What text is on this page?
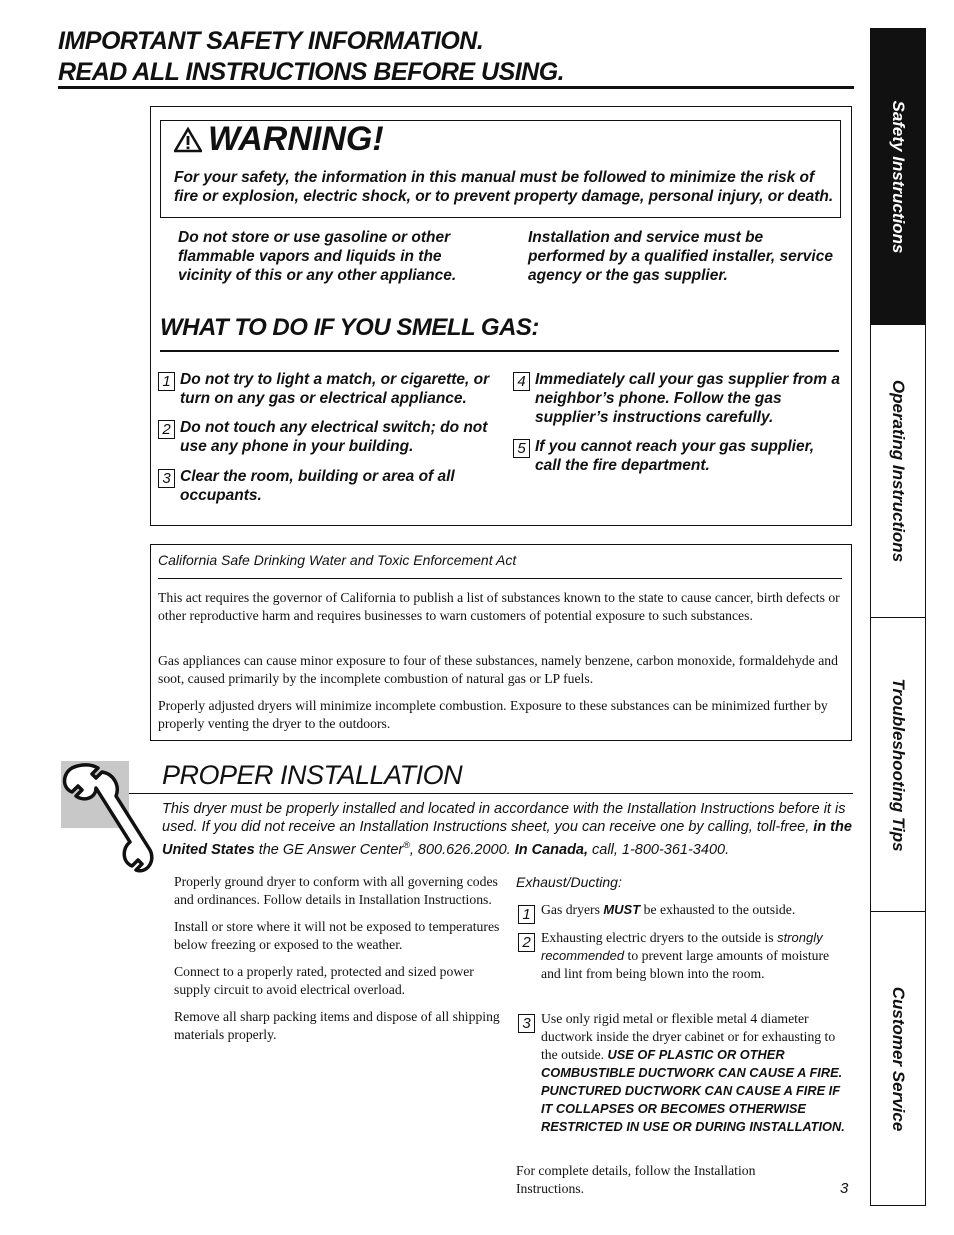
IMPORTANT SAFETY INFORMATION.
READ ALL INSTRUCTIONS BEFORE USING.
Safety Instructions
Operating Instructions
Troubleshooting Tips
Customer Service
WARNING!
For your safety, the information in this manual must be followed to minimize the risk of fire or explosion, electric shock, or to prevent property damage, personal injury, or death.
Do not store or use gasoline or other flammable vapors and liquids in the vicinity of this or any other appliance.
Installation and service must be performed by a qualified installer, service agency or the gas supplier.
WHAT TO DO IF YOU SMELL GAS:
1 Do not try to light a match, or cigarette, or turn on any gas or electrical appliance.
2 Do not touch any electrical switch; do not use any phone in your building.
3 Clear the room, building or area of all occupants.
4 Immediately call your gas supplier from a neighbor’s phone. Follow the gas supplier’s instructions carefully.
5 If you cannot reach your gas supplier, call the fire department.
California Safe Drinking Water and Toxic Enforcement Act
This act requires the governor of California to publish a list of substances known to the state to cause cancer, birth defects or other reproductive harm and requires businesses to warn customers of potential exposure to such substances.
Gas appliances can cause minor exposure to four of these substances, namely benzene, carbon monoxide, formaldehyde and soot, caused primarily by the incomplete combustion of natural gas or LP fuels.
Properly adjusted dryers will minimize incomplete combustion. Exposure to these substances can be minimized further by properly venting the dryer to the outdoors.
PROPER INSTALLATION
This dryer must be properly installed and located in accordance with the Installation Instructions before it is used. If you did not receive an Installation Instructions sheet, you can receive one by calling, toll-free, in the United States the GE Answer Center®, 800.626.2000. In Canada, call, 1-800-361-3400.

Properly ground dryer to conform with all governing codes and ordinances. Follow details in Installation Instructions.

Install or store where it will not be exposed to temperatures below freezing or exposed to the weather.

Connect to a properly rated, protected and sized power supply circuit to avoid electrical overload.

Remove all sharp packing items and dispose of all shipping materials properly.

Exhaust/Ducting:
1 Gas dryers MUST be exhausted to the outside.
2 Exhausting electric dryers to the outside is strongly recommended to prevent large amounts of moisture and lint from being blown into the room.
3 Use only rigid metal or flexible metal 4 diameter ductwork inside the dryer cabinet or for exhausting to the outside. USE OF PLASTIC OR OTHER COMBUSTIBLE DUCTWORK CAN CAUSE A FIRE. PUNCTURED DUCTWORK CAN CAUSE A FIRE IF IT COLLAPSES OR BECOMES OTHERWISE RESTRICTED IN USE OR DURING INSTALLATION.
For complete details, follow the Installation Instructions.	3
